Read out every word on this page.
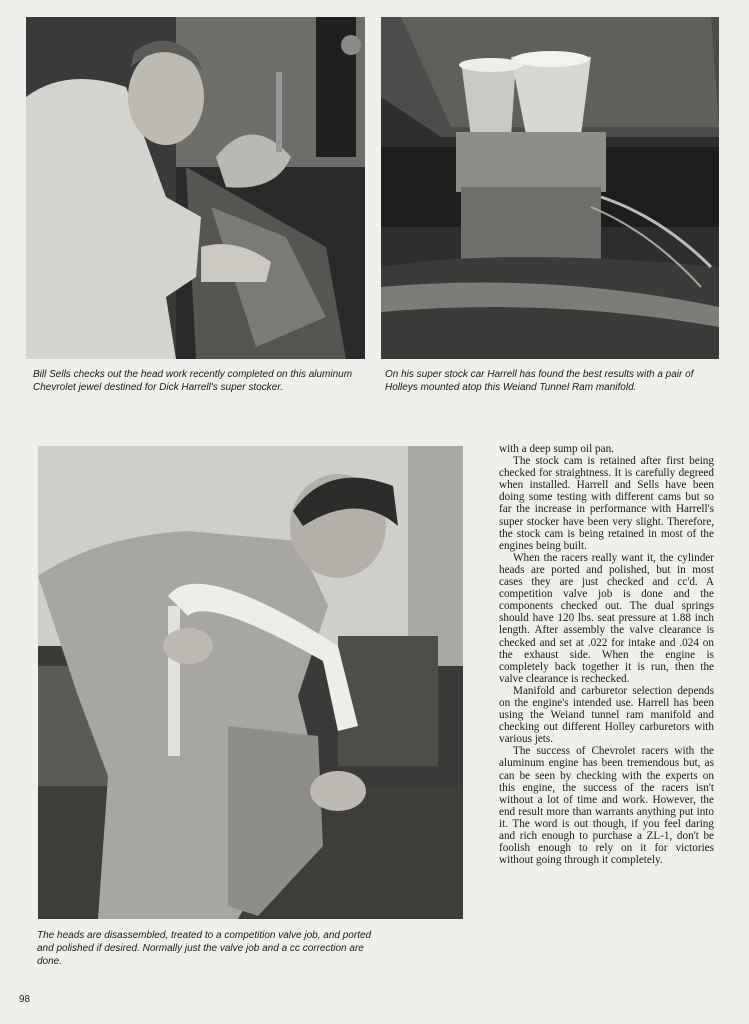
Bill Sells checks out the head work recently completed on this aluminum Chevrolet jewel destined for Dick Harrell's super stocker.
On his super stock car Harrell has found the best results with a pair of Holleys mounted atop this Weiand Tunnel Ram manifold.
The heads are disassembled, treated to a competition valve job, and ported and polished if desired. Normally just the valve job and a cc correction are done.

with a deep sump oil pan.

The stock cam is retained after first being checked for straightness. It is carefully degreed when installed. Harrell and Sells have been doing some testing with different cams but so far the increase in performance with Harrell's super stocker have been very slight. Therefore, the stock cam is being retained in most of the engines being built.

When the racers really want it, the cylinder heads are ported and polished, but in most cases they are just checked and cc'd. A competition valve job is done and the components checked out. The dual springs should have 120 lbs. seat pressure at 1.88 inch length. After assembly the valve clearance is checked and set at .022 for intake and .024 on the exhaust side. When the engine is completely back together it is run, then the valve clearance is rechecked.

Manifold and carburetor selection depends on the engine's intended use. Harrell has been using the Weiand tunnel ram manifold and checking out different Holley carburetors with various jets.

The success of Chevrolet racers with the aluminum engine has been tremendous but, as can be seen by checking with the experts on this engine, the success of the racers isn't without a lot of time and work. However, the end result more than warrants anything put into it. The word is out though, if you feel daring and rich enough to purchase a ZL-1, don't be foolish enough to rely on it for victories without going through it completely.

98
